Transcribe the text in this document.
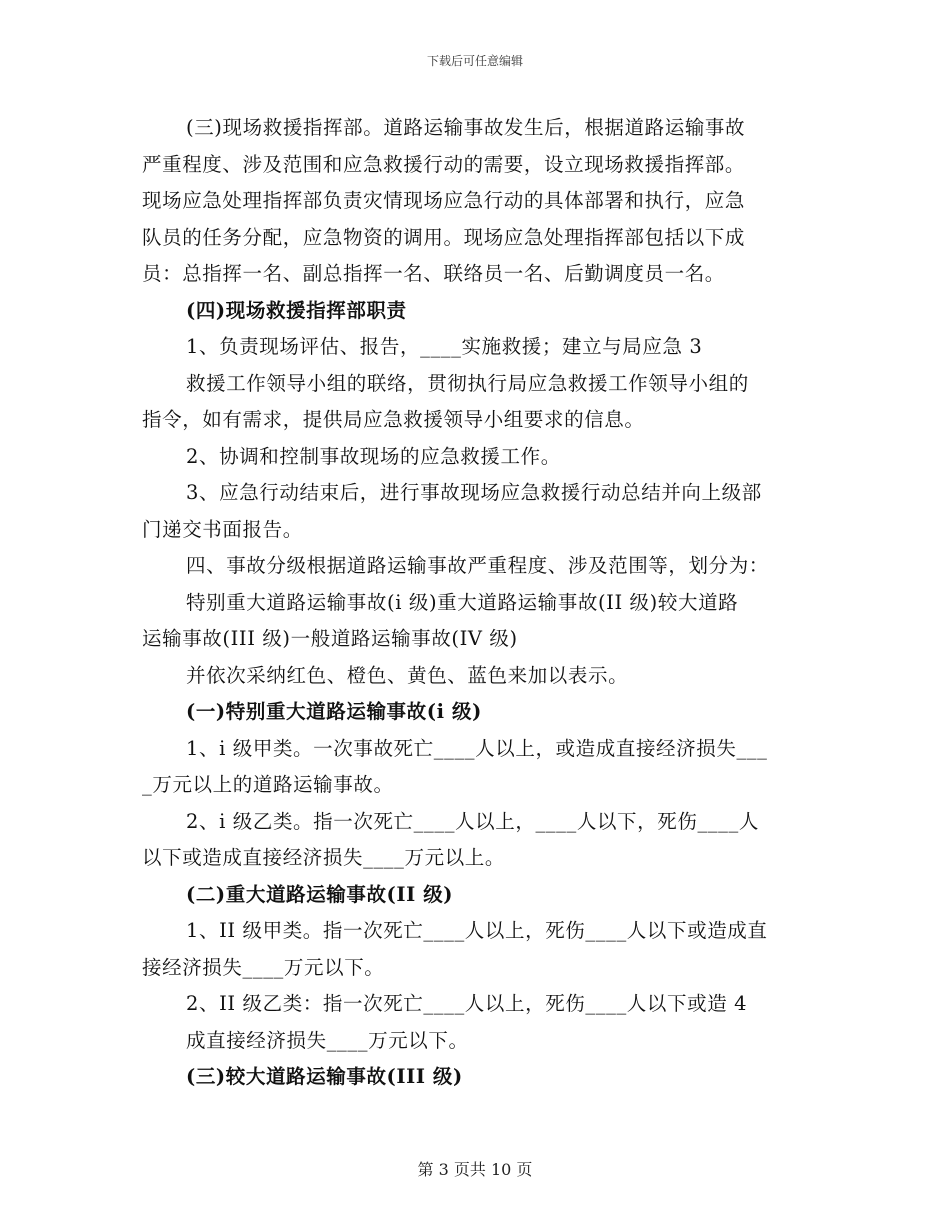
下载后可任意编辑

(三)现场救援指挥部。道路运输事故发生后，根据道路运输事故
严重程度、涉及范围和应急救援行动的需要，设立现场救援指挥部。
现场应急处理指挥部负责灾情现场应急行动的具体部署和执行，应急
队员的任务分配，应急物资的调用。现场应急处理指挥部包括以下成
员：总指挥一名、副总指挥一名、联络员一名、后勤调度员一名。

(四)现场救援指挥部职责

1、负责现场评估、报告，____实施救援；建立与局应急 3

救援工作领导小组的联络，贯彻执行局应急救援工作领导小组的
指令，如有需求，提供局应急救援领导小组要求的信息。

2、协调和控制事故现场的应急救援工作。

3、应急行动结束后，进行事故现场应急救援行动总结并向上级部
门递交书面报告。

四、事故分级根据道路运输事故严重程度、涉及范围等，划分为：

特别重大道路运输事故(i 级)重大道路运输事故(II 级)较大道路
运输事故(III 级)一般道路运输事故(IV 级)

并依次采纳红色、橙色、黄色、蓝色来加以表示。

(一)特别重大道路运输事故(i 级)

1、i 级甲类。一次事故死亡____人以上，或造成直接经济损失___
_万元以上的道路运输事故。

2、i 级乙类。指一次死亡____人以上，____人以下，死伤____人
以下或造成直接经济损失____万元以上。

(二)重大道路运输事故(II 级)

1、II 级甲类。指一次死亡____人以上，死伤____人以下或造成直
接经济损失____万元以下。

2、II 级乙类：指一次死亡____人以上，死伤____人以下或造 4

成直接经济损失____万元以下。

(三)较大道路运输事故(III 级)

第 3 页共 10 页
